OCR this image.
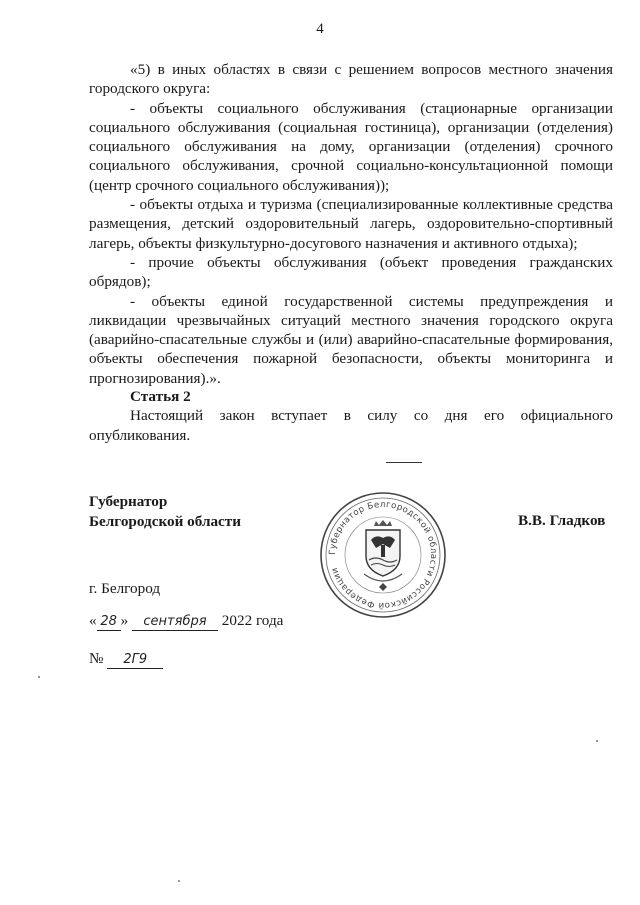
4

«5) в иных областях в связи с решением вопросов местного значения городского округа:

- объекты социального обслуживания (стационарные организации социального обслуживания (социальная гостиница), организации (отделения) социального обслуживания на дому, организации (отделения) срочного социального обслуживания, срочной социально-консультационной помощи (центр срочного социального обслуживания));

- объекты отдыха и туризма (специализированные коллективные средства размещения, детский оздоровительный лагерь, оздоровительно-спортивный лагерь, объекты физкультурно-досугового назначения и активного отдыха);

- прочие объекты обслуживания (объект проведения гражданских обрядов);

- объекты единой государственной системы предупреждения и ликвидации чрезвычайных ситуаций местного значения городского округа (аварийно-спасательные службы и (или) аварийно-спасательные формирования, объекты обеспечения пожарной безопасности, объекты мониторинга и прогнозирования).».

Статья 2

Настоящий закон вступает в силу со дня его официального опубликования.

Губернатор
Белгородской области
Губернатор Белгородской области Российской Федерации
В.В. Гладков
г. Белгород
« 28 » сентября 2022 года
№ 2Г9
